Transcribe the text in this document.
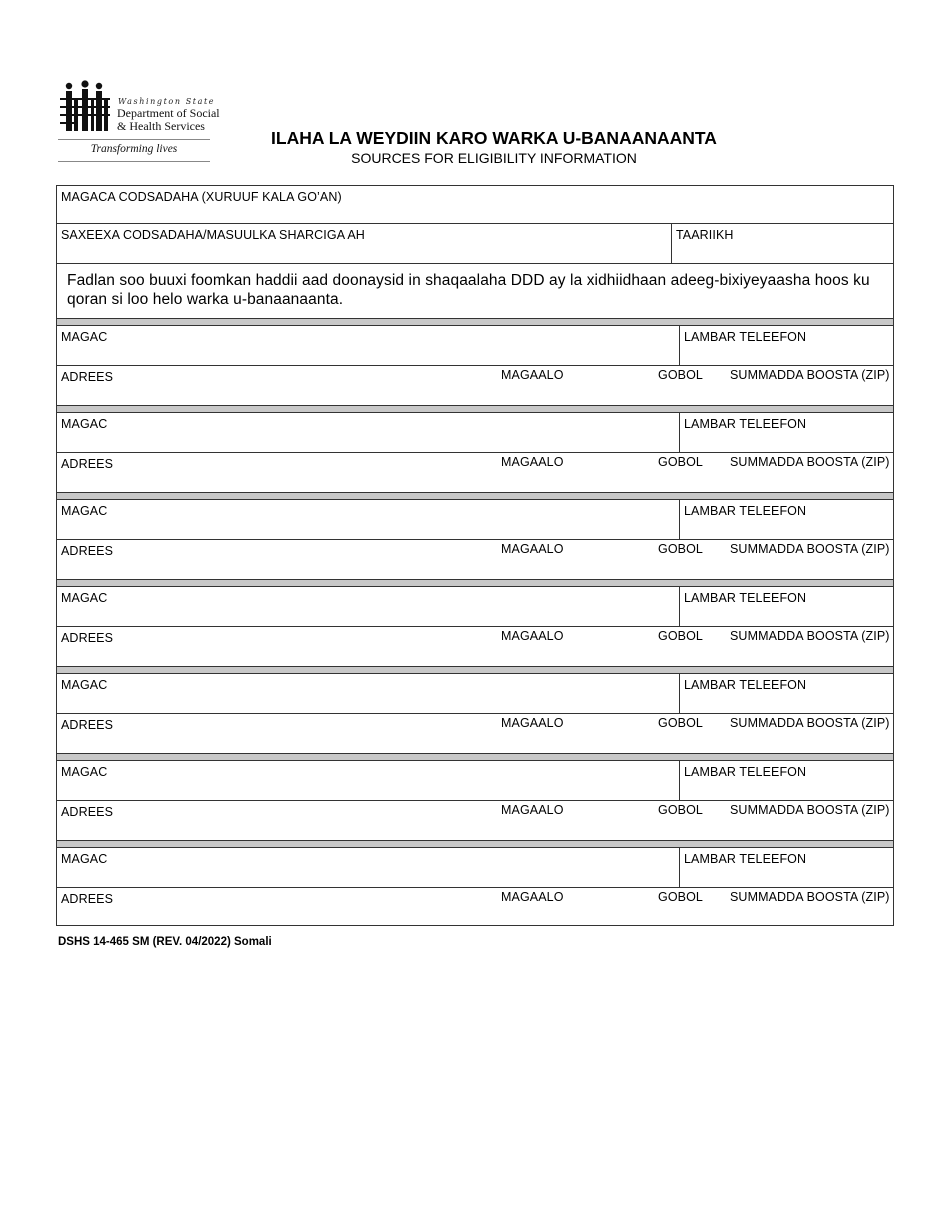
Washington State
Department of Social
& Health Services
Transforming lives
ILAHA LA WEYDIIN KARO WARKA U-BANAANAANTA
SOURCES FOR ELIGIBILITY INFORMATION
MAGACA CODSADAHA (XURUUF KALA GO’AN)
SAXEEXA CODSADAHA/MASUULKA SHARCIGA AH	TAARIIKH
Fadlan soo buuxi foomkan haddii aad doonaysid in shaqaalaha DDD ay la xidhiidhaan adeeg-bixiyeyaasha hoos ku qoran si loo helo warka u-banaanaanta.
MAGAC	LAMBAR TELEEFON
ADREES	MAGAALO	GOBOL SUMMADDA BOOSTA (ZIP)
MAGAC	LAMBAR TELEEFON
ADREES	MAGAALO	GOBOL SUMMADDA BOOSTA (ZIP)
MAGAC	LAMBAR TELEEFON
ADREES	MAGAALO	GOBOL SUMMADDA BOOSTA (ZIP)
MAGAC	LAMBAR TELEEFON
ADREES	MAGAALO	GOBOL SUMMADDA BOOSTA (ZIP)
MAGAC	LAMBAR TELEEFON
ADREES	MAGAALO	GOBOL SUMMADDA BOOSTA (ZIP)
MAGAC	LAMBAR TELEEFON
ADREES	MAGAALO	GOBOL SUMMADDA BOOSTA (ZIP)
MAGAC	LAMBAR TELEEFON
ADREES	MAGAALO	GOBOL SUMMADDA BOOSTA (ZIP)
DSHS 14-465 SM (REV. 04/2022) Somali
